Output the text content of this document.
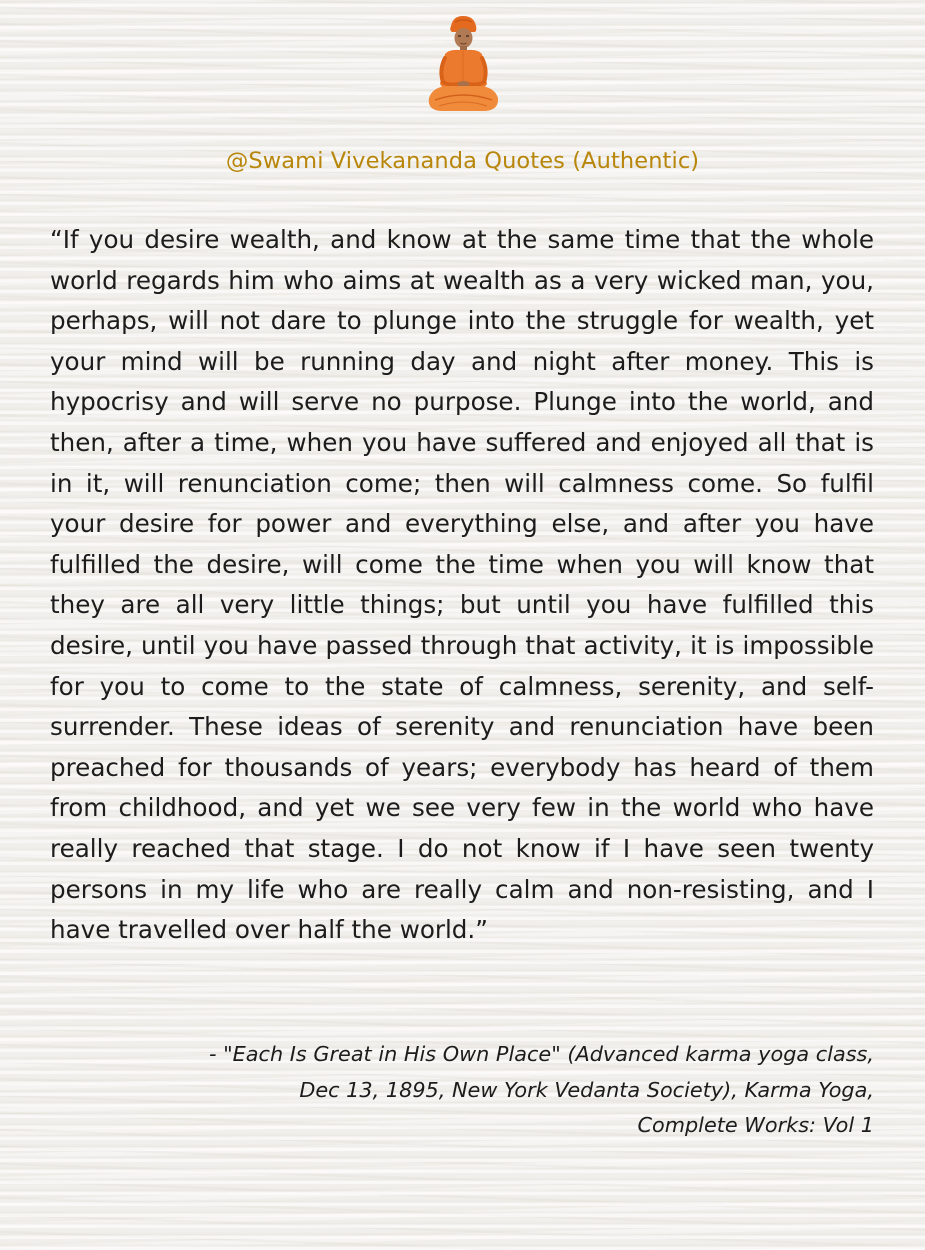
@Swami Vivekananda Quotes (Authentic)

“If you desire wealth, and know at the same time that the whole world regards him who aims at wealth as a very wicked man, you, perhaps, will not dare to plunge into the struggle for wealth, yet your mind will be running day and night after money. This is hypocrisy and will serve no purpose. Plunge into the world, and then, after a time, when you have suffered and enjoyed all that is in it, will renunciation come; then will calmness come. So fulfil your desire for power and everything else, and after you have fulfilled the desire, will come the time when you will know that they are all very little things; but until you have fulfilled this desire, until you have passed through that activity, it is impossible for you to come to the state of calmness, serenity, and self-surrender. These ideas of serenity and renunciation have been preached for thousands of years; everybody has heard of them from childhood, and yet we see very few in the world who have really reached that stage. I do not know if I have seen twenty persons in my life who are really calm and non-resisting, and I have travelled over half the world.”

- "Each Is Great in His Own Place" (Advanced karma yoga class,
Dec 13, 1895, New York Vedanta Society), Karma Yoga,
Complete Works: Vol 1
